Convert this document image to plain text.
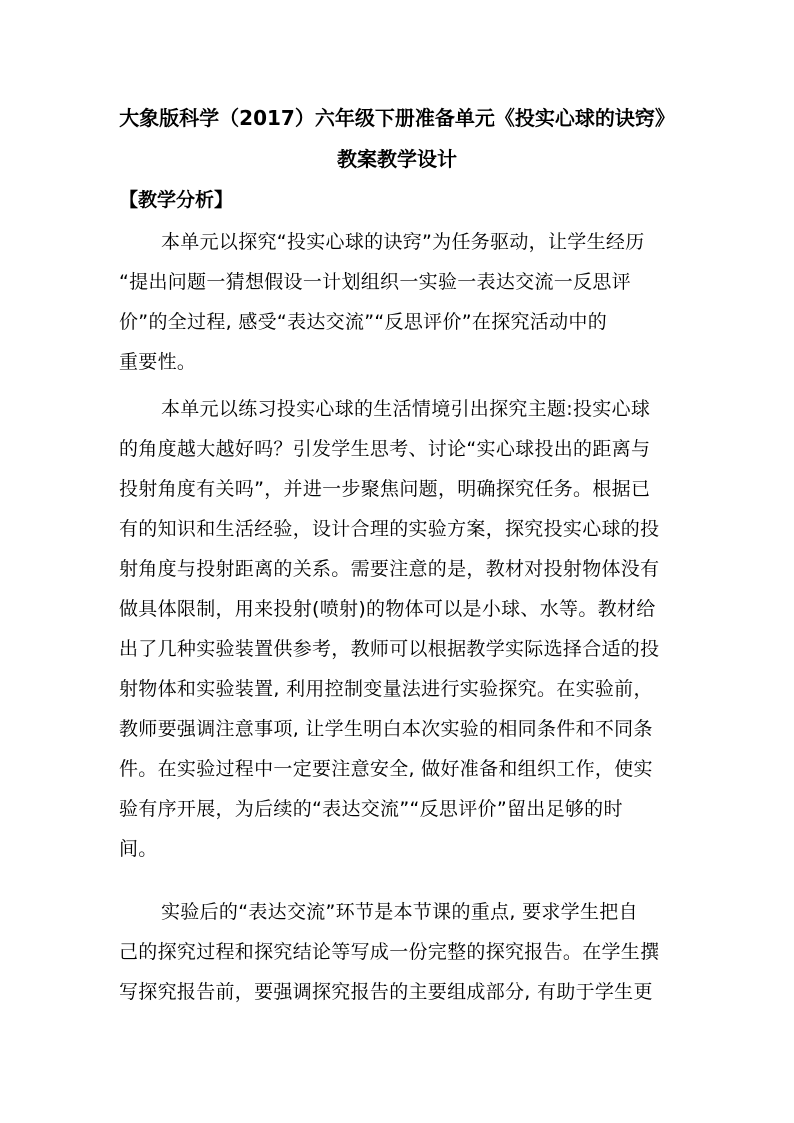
大象版科学（2017）六年级下册准备单元《投实心球的诀窍》
教案教学设计
【教学分析】
本单元以探究“投实心球的诀窍”为任务驱动，让学生经历
“提出问题一猜想假设一计划组织一实验一表达交流一反思评
价”的全过程, 感受“表达交流”“反思评价”在探究活动中的
重要性。
本单元以练习投实心球的生活情境引出探究主题:投实心球
的角度越大越好吗？引发学生思考、讨论“实心球投出的距离与
投射角度有关吗”，并进一步聚焦问题，明确探究任务。根据已
有的知识和生活经验，设计合理的实验方案，探究投实心球的投
射角度与投射距离的关系。需要注意的是，教材对投射物体没有
做具体限制，用来投射(喷射)的物体可以是小球、水等。教材给
出了几种实验装置供参考，教师可以根据教学实际选择合适的投
射物体和实验装置, 利用控制变量法进行实验探究。在实验前，
教师要强调注意事项, 让学生明白本次实验的相同条件和不同条
件。在实验过程中一定要注意安全, 做好准备和组织工作，使实
验有序开展，为后续的“表达交流”“反思评价”留出足够的时
间。
实验后的“表达交流”环节是本节课的重点, 要求学生把自
己的探究过程和探究结论等写成一份完整的探究报告。在学生撰
写探究报告前，要强调探究报告的主要组成部分, 有助于学生更
